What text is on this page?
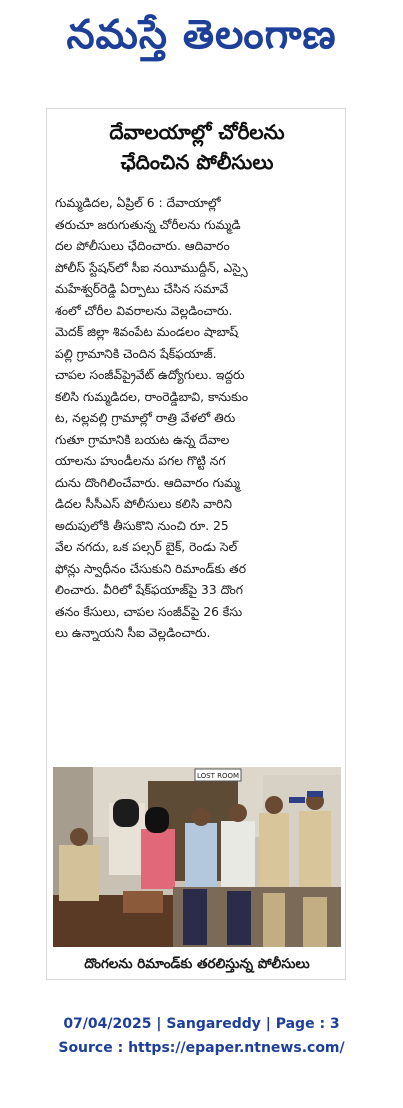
నమస్తే తెలంగాణ
దేవాలయాల్లో చోరీలను
ఛేదించిన పోలీసులు
గుమ్మడిదల, ఏప్రిల్ 6 : దేవాయాల్లో
తరుచూ జరుగుతున్న చోరీలను గుమ్మడి
దల పోలీసులు ఛేదించారు. ఆదివారం
పోలీస్ స్టేషన్‌లో సీఐ నయీముద్దీన్, ఎస్సై
మహేశ్వర్‌రెడ్డి ఏర్పాటు చేసిన సమావే
శంలో చోరీల వివరాలను వెల్లడించారు.
మెదక్ జిల్లా శివంపేట మండలం షాబాష్
పల్లి గ్రామానికి చెందిన షేక్‌ఫయాజ్.
చాపల సంజీవ్‌ప్రైవేట్ ఉద్యోగులు. ఇద్దరు
కలిసి గుమ్మడిదల, రాంరెడ్డిబావి, కానుకుం
ట, నల్లవల్లి గ్రామాల్లో రాత్రి వేళలో తిరు
గుతూ గ్రామానికి బయట ఉన్న దేవాల
యాలను హుండీలను పగల గొట్టి నగ
దును దొంగిలించేవారు. ఆదివారం గుమ్మ
డిదల సీసీఎస్ పోలీసులు కలిసి వారిని
అదుపులోకి తీసుకొని నుంచి రూ. 25
వేల నగదు, ఒక పల్సర్ బైక్, రెండు సెల్
ఫోన్లు స్వాధీనం చేసుకుని రిమాండ్‌కు తర
లించారు. వీరిలో షేక్‌ఫయాజ్‌పై 33 దొంగ
తనం కేసులు, చాపల సంజీవ్‌పై 26 కేసు
లు ఉన్నాయని సీఐ వెల్లడించారు.
LOST ROOM
దొంగలను రిమాండ్‌కు తరలిస్తున్న పోలీసులు
07/04/2025 | Sangareddy | Page : 3
Source : https://epaper.ntnews.com/
